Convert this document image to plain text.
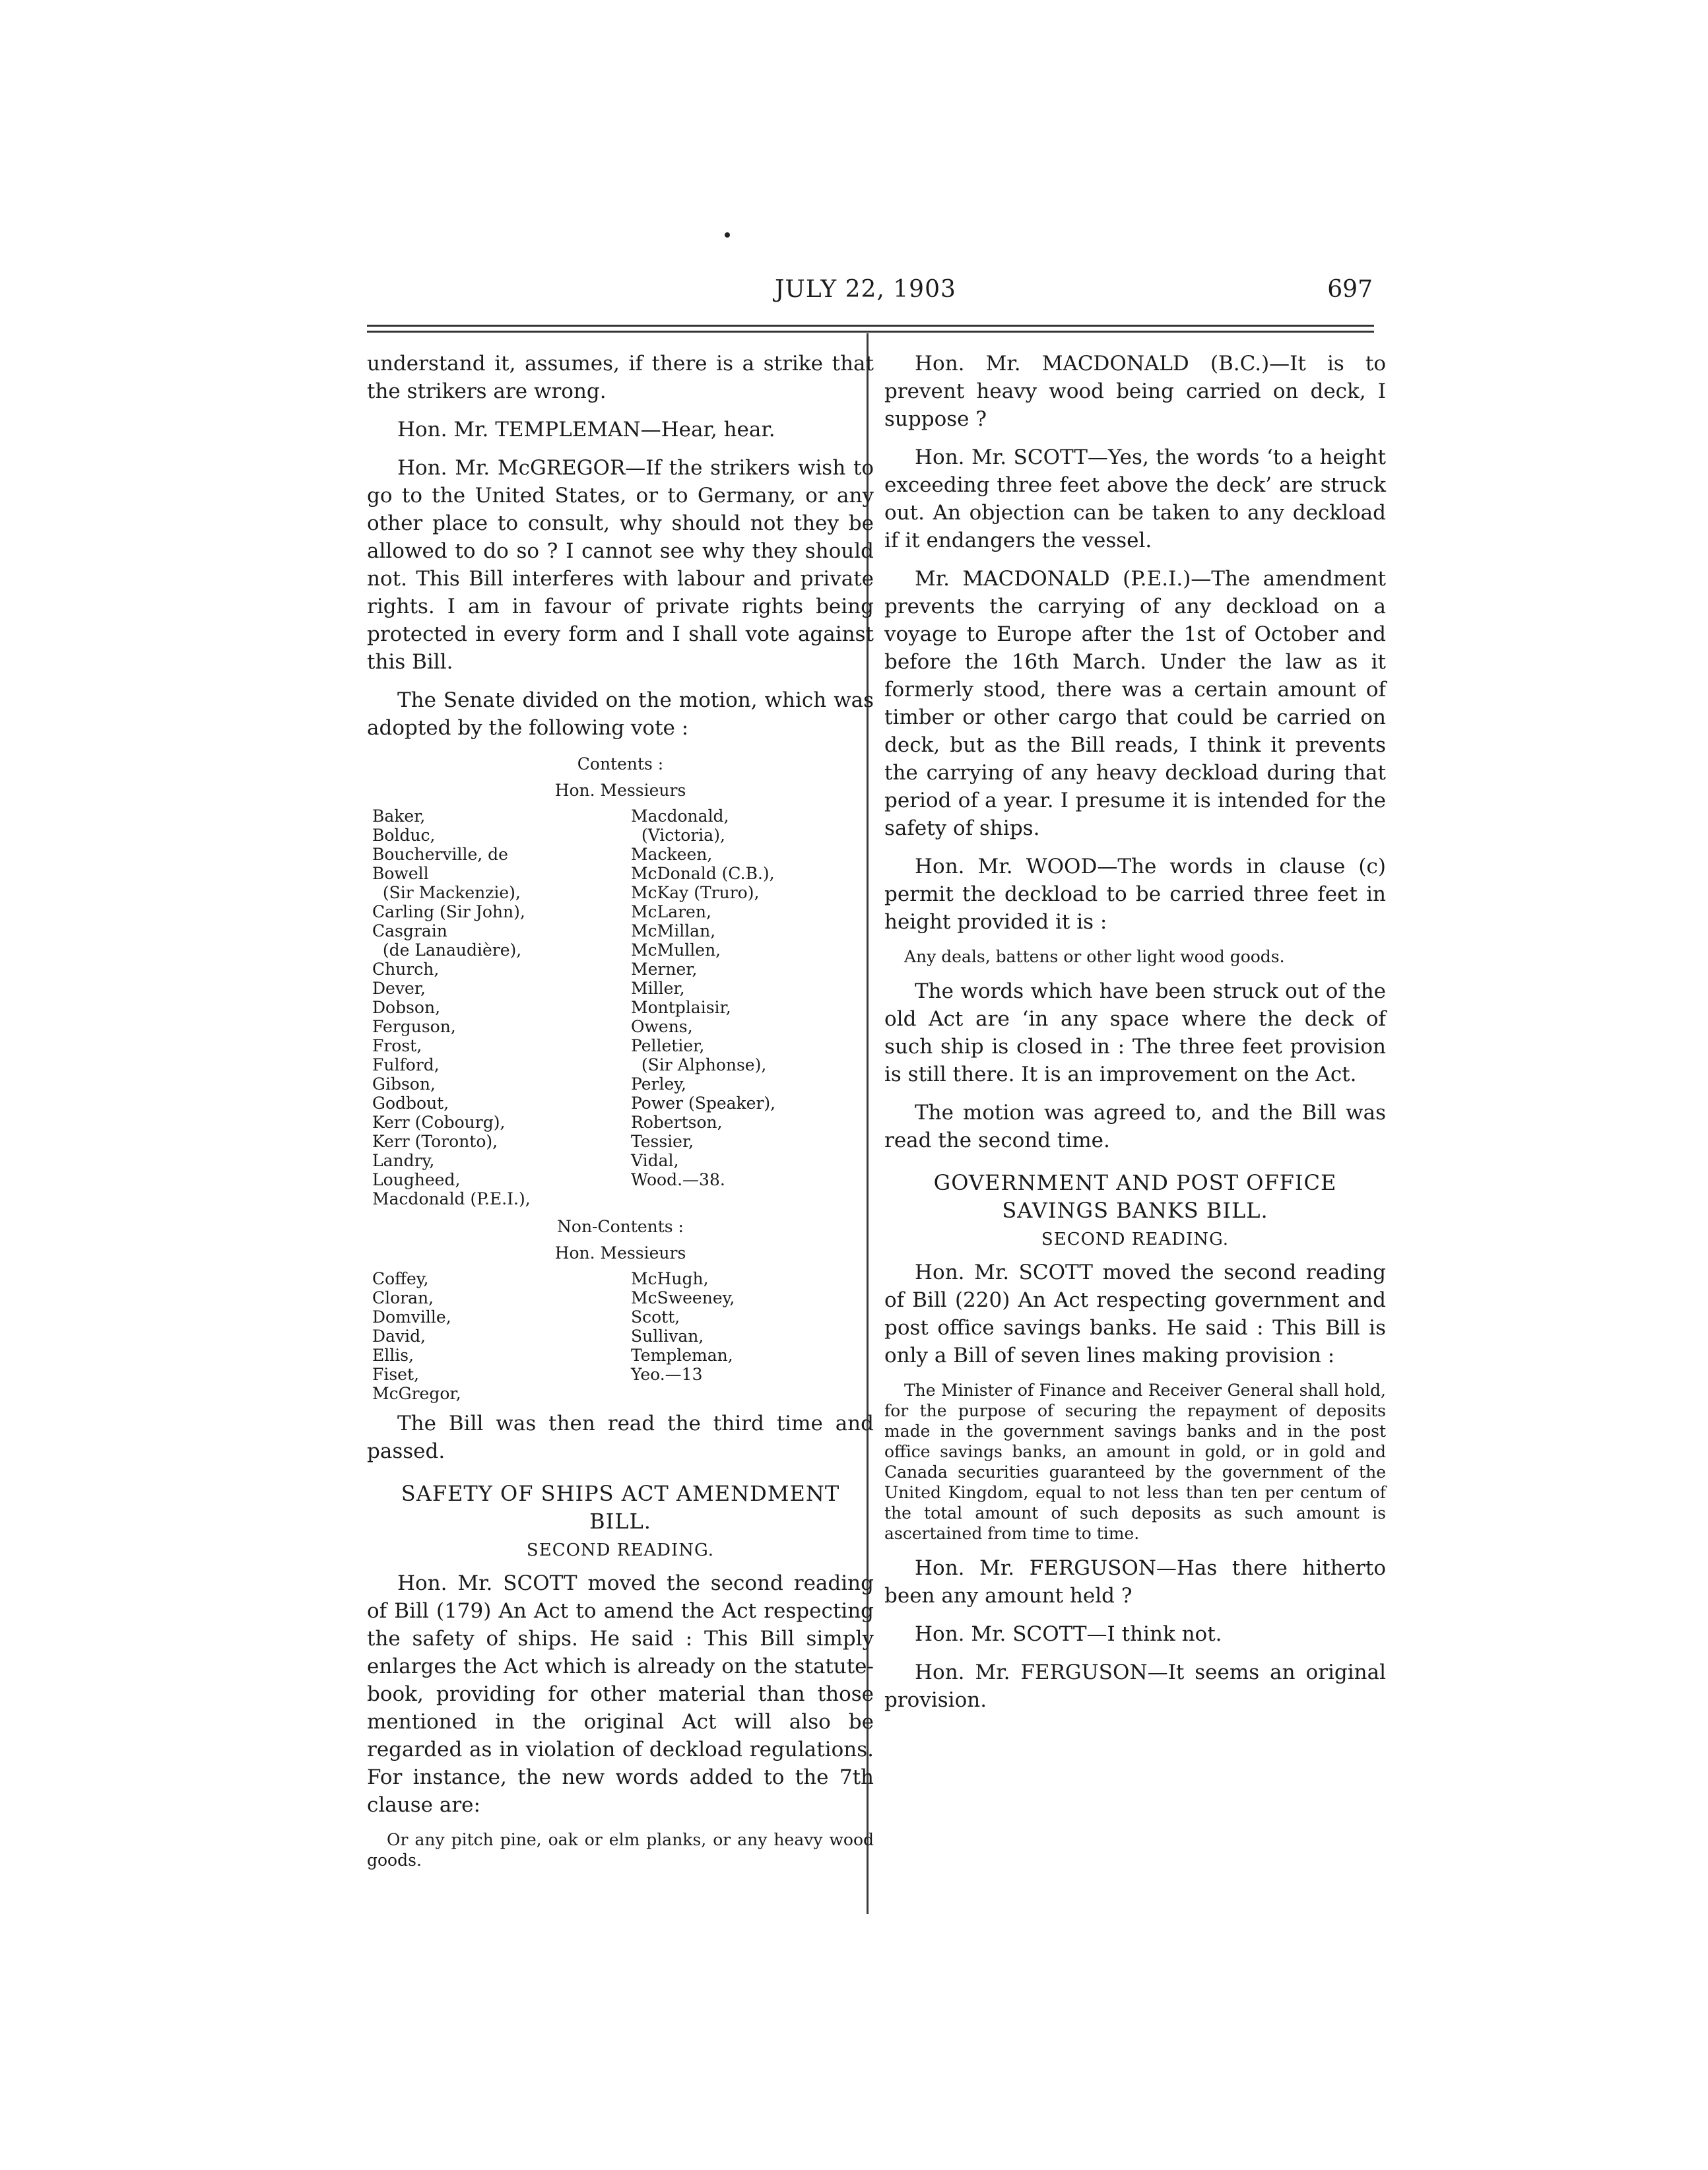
JULY 22, 1903	697

understand it, assumes, if there is a strike that the strikers are wrong.

Hon. Mr. TEMPLEMAN—Hear, hear.

Hon. Mr. McGREGOR—If the strikers wish to go to the United States, or to Germany, or any other place to consult, why should not they be allowed to do so ? I cannot see why they should not. This Bill interferes with labour and private rights. I am in favour of private rights being protected in every form and I shall vote against this Bill.

The Senate divided on the motion, which was adopted by the following vote :

Contents :
Hon. Messieurs
Baker,
Bolduc,
Boucherville, de
Bowell
(Sir Mackenzie),
Carling (Sir John),
Casgrain
(de Lanaudière),
Church,
Dever,
Dobson,
Ferguson,
Frost,
Fulford,
Gibson,
Godbout,
Kerr (Cobourg),
Kerr (Toronto),
Landry,
Lougheed,
Macdonald (P.E.I.),
Macdonald,
(Victoria),
Mackeen,
McDonald (C.B.),
McKay (Truro),
McLaren,
McMillan,
McMullen,
Merner,
Miller,
Montplaisir,
Owens,
Pelletier,
(Sir Alphonse),
Perley,
Power (Speaker),
Robertson,
Tessier,
Vidal,
Wood.—38.
Non-Contents :
Hon. Messieurs
Coffey,
Cloran,
Domville,
David,
Ellis,
Fiset,
McGregor,
McHugh,
McSweeney,
Scott,
Sullivan,
Templeman,
Yeo.—13

The Bill was then read the third time and passed.

SAFETY OF SHIPS ACT AMENDMENT BILL.
SECOND READING.

Hon. Mr. SCOTT moved the second reading of Bill (179) An Act to amend the Act respecting the safety of ships. He said : This Bill simply enlarges the Act which is already on the statute-book, providing for other material than those mentioned in the original Act will also be regarded as in violation of deckload regulations. For instance, the new words added to the 7th clause are:

Or any pitch pine, oak or elm planks, or any heavy wood goods.

Hon. Mr. MACDONALD (B.C.)—It is to prevent heavy wood being carried on deck, I suppose ?

Hon. Mr. SCOTT—Yes, the words ‘to a height exceeding three feet above the deck’ are struck out. An objection can be taken to any deckload if it endangers the vessel.

Mr. MACDONALD (P.E.I.)—The amendment prevents the carrying of any deckload on a voyage to Europe after the 1st of October and before the 16th March. Under the law as it formerly stood, there was a certain amount of timber or other cargo that could be carried on deck, but as the Bill reads, I think it prevents the carrying of any heavy deckload during that period of a year. I presume it is intended for the safety of ships.

Hon. Mr. WOOD—The words in clause (c) permit the deckload to be carried three feet in height provided it is :

Any deals, battens or other light wood goods.

The words which have been struck out of the old Act are ‘in any space where the deck of such ship is closed in : The three feet provision is still there. It is an improvement on the Act.

The motion was agreed to, and the Bill was read the second time.

GOVERNMENT AND POST OFFICE SAVINGS BANKS BILL.
SECOND READING.

Hon. Mr. SCOTT moved the second reading of Bill (220) An Act respecting government and post office savings banks. He said : This Bill is only a Bill of seven lines making provision :

The Minister of Finance and Receiver General shall hold, for the purpose of securing the repayment of deposits made in the government savings banks and in the post office savings banks, an amount in gold, or in gold and Canada securities guaranteed by the government of the United Kingdom, equal to not less than ten per centum of the total amount of such deposits as such amount is ascertained from time to time.

Hon. Mr. FERGUSON—Has there hitherto been any amount held ?

Hon. Mr. SCOTT—I think not.

Hon. Mr. FERGUSON—It seems an original provision.
